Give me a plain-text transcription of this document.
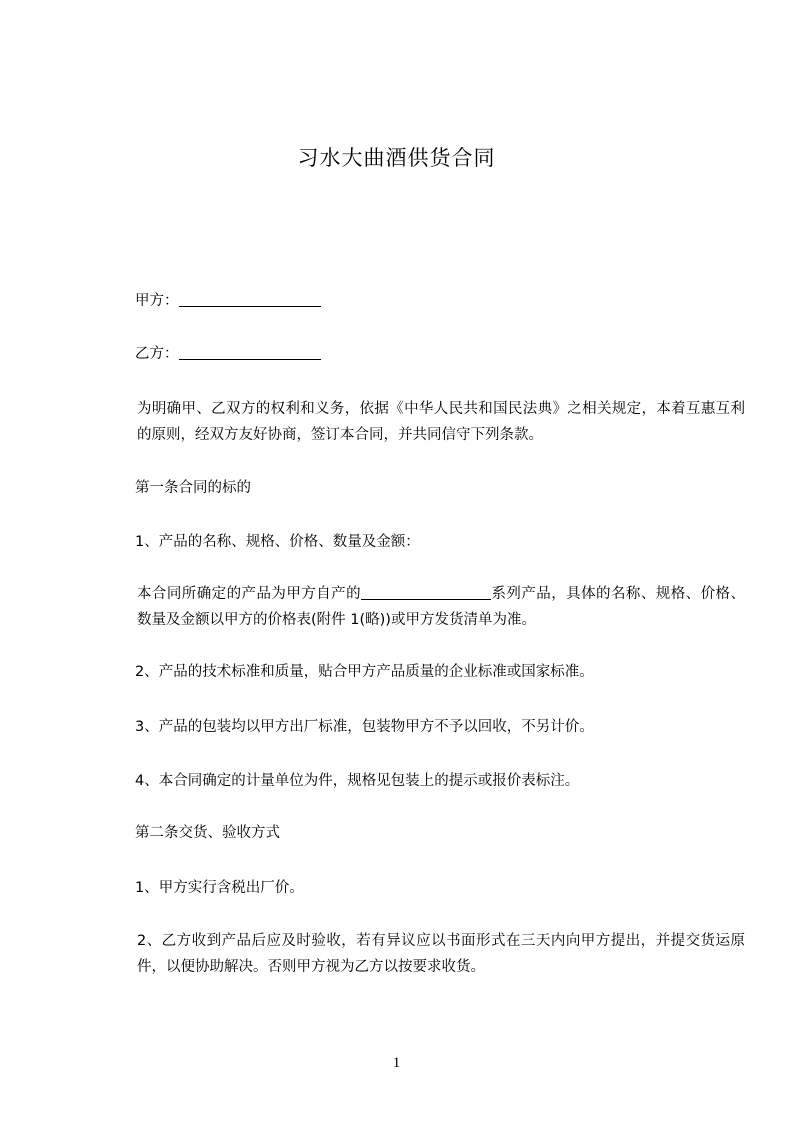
习水大曲酒供货合同
甲方：
乙方：
为明确甲、乙双方的权利和义务，依据《中华人民共和国民法典》之相关规定，本着互惠互利的原则，经双方友好协商，签订本合同，并共同信守下列条款。
第一条合同的标的
1、产品的名称、规格、价格、数量及金额：
本合同所确定的产品为甲方自产的	系列产品，具体的名称、规格、价格、数量及金额以甲方的价格表(附件 1(略))或甲方发货清单为准。
2、产品的技术标准和质量，贴合甲方产品质量的企业标准或国家标准。
3、产品的包装均以甲方出厂标准，包装物甲方不予以回收，不另计价。
4、本合同确定的计量单位为件，规格见包装上的提示或报价表标注。
第二条交货、验收方式
1、甲方实行含税出厂价。
2、乙方收到产品后应及时验收，若有异议应以书面形式在三天内向甲方提出，并提交货运原件，以便协助解决。否则甲方视为乙方以按要求收货。
1
